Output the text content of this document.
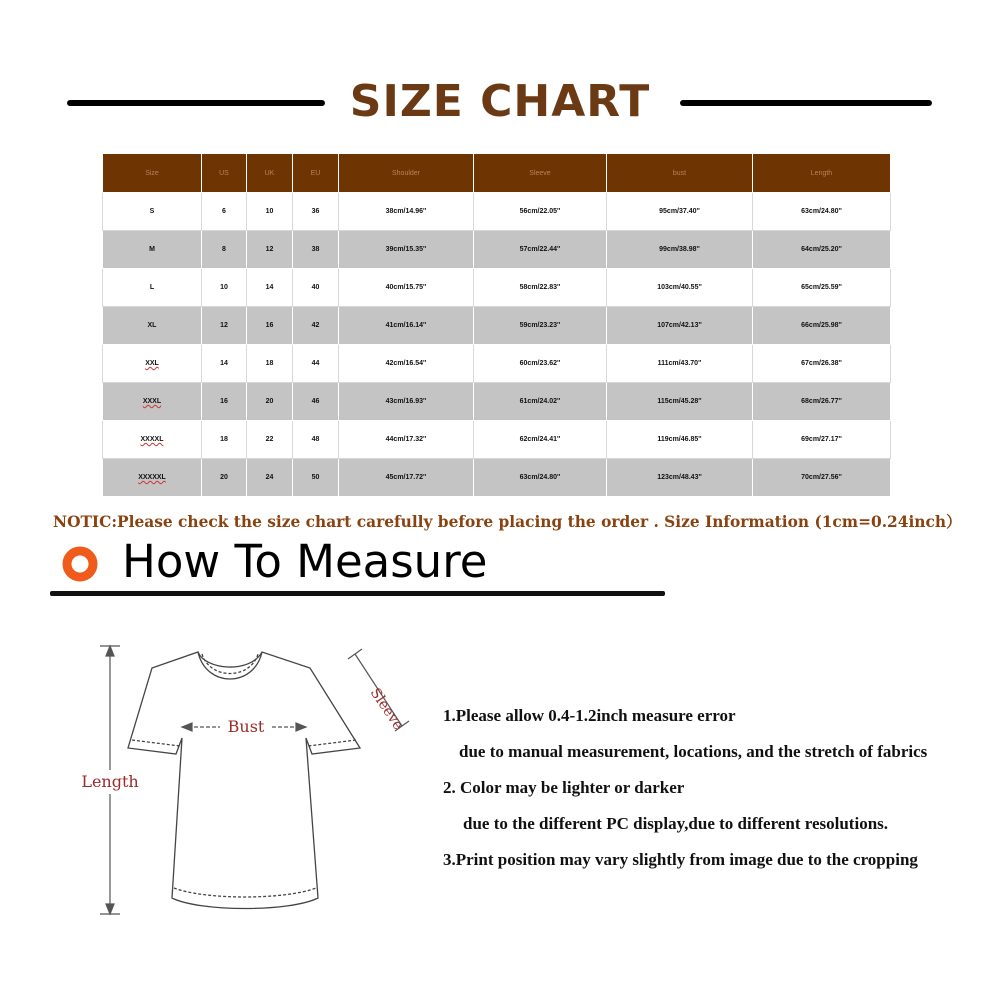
SIZE CHART
Size	US	UK	EU	Shoulder	Sleeve	bust	Length
S	6	10	36	38cm/14.96''	56cm/22.05''	95cm/37.40''	63cm/24.80''
M	8	12	38	39cm/15.35''	57cm/22.44''	99cm/38.98''	64cm/25.20''
L	10	14	40	40cm/15.75''	58cm/22.83''	103cm/40.55''	65cm/25.59''
XL	12	16	42	41cm/16.14''	59cm/23.23''	107cm/42.13''	66cm/25.98''
XXL	14	18	44	42cm/16.54''	60cm/23.62''	111cm/43.70''	67cm/26.38''
XXXL	16	20	46	43cm/16.93''	61cm/24.02''	115cm/45.28''	68cm/26.77''
XXXXL	18	22	48	44cm/17.32''	62cm/24.41''	119cm/46.85''	69cm/27.17''
XXXXXL	20	24	50	45cm/17.72''	63cm/24.80''	123cm/48.43''	70cm/27.56''
NOTIC:Please check the size chart carefully before placing the order . Size Information (1cm=0.24inch）
How To Measure
Length
Bust	Sleeve 1.Please allow 0.4-1.2inch measure error
due to manual measurement, locations, and the stretch of fabrics
2. Color may be lighter or darker
due to the different PC display,due to different resolutions.
3.Print position may vary slightly from image due to the cropping
